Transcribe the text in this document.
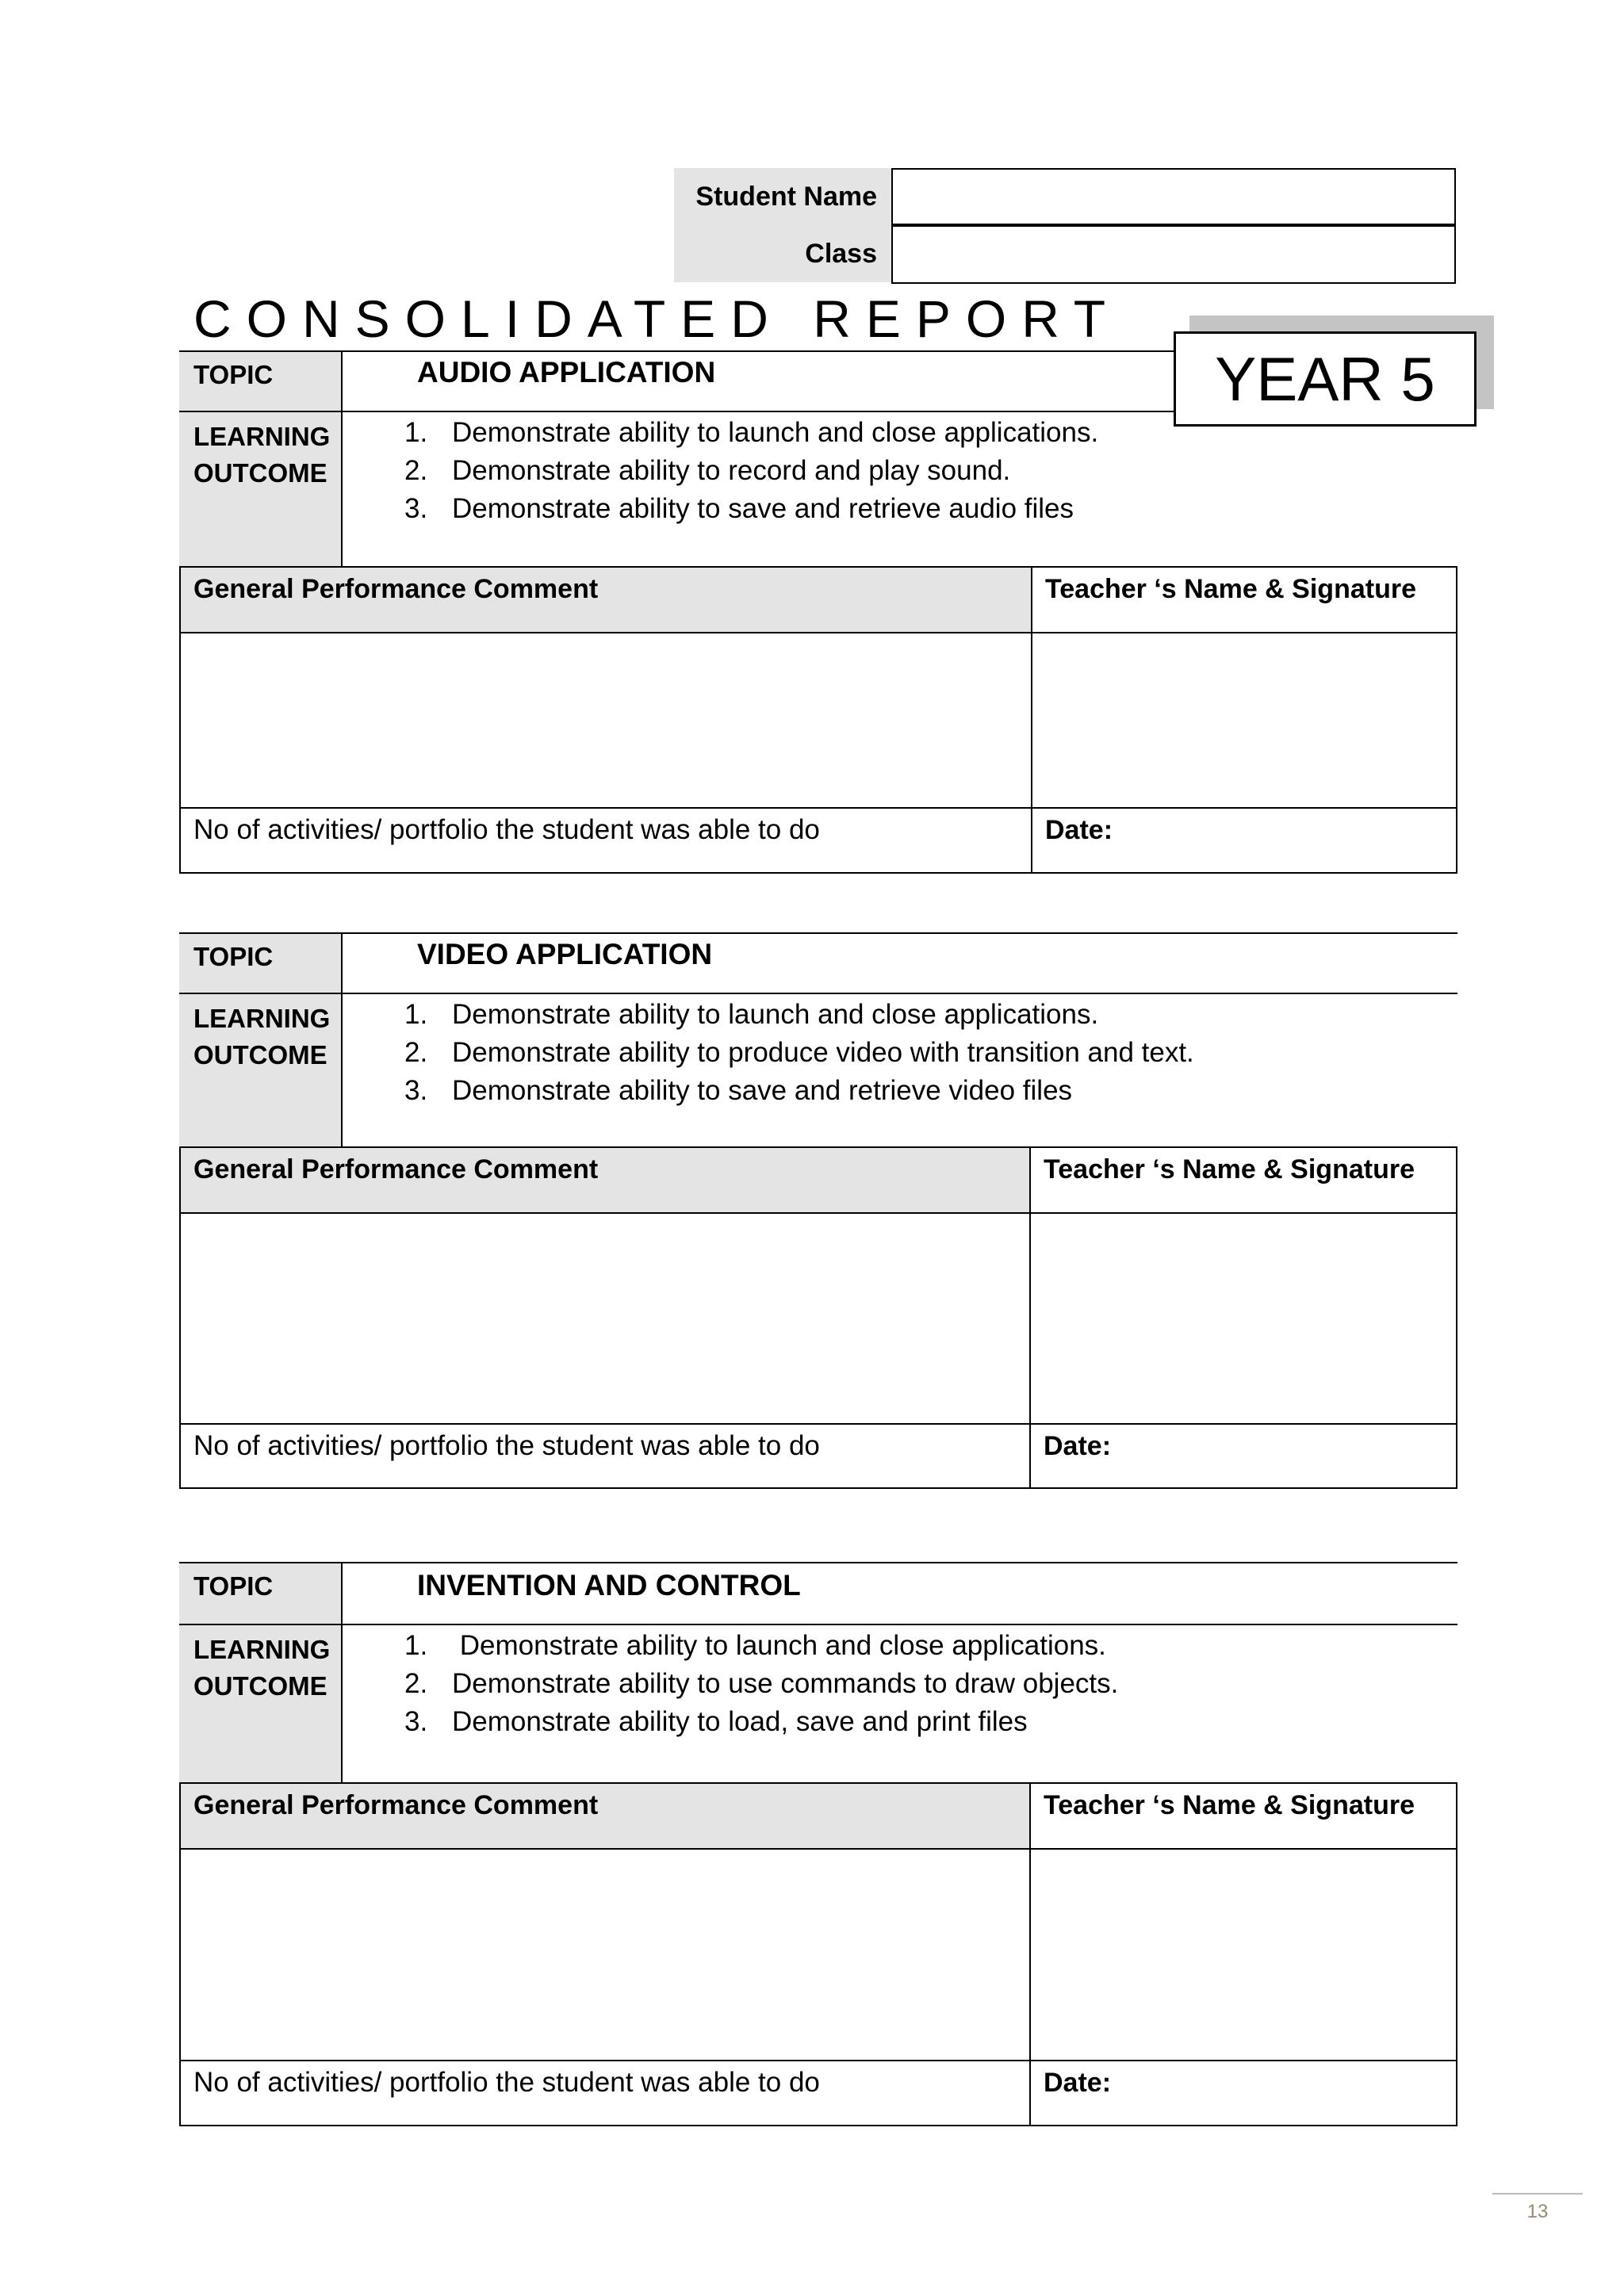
Student Name
Class
CONSOLIDATED REPORT
YEAR 5
TOPIC	AUDIO APPLICATION
LEARNING
OUTCOME
1. Demonstrate ability to launch and close applications.
2. Demonstrate ability to record and play sound.
3. Demonstrate ability to save and retrieve audio files
General Performance Comment	Teacher ‘s Name & Signature
No of activities/ portfolio the student was able to do	Date:
TOPIC	VIDEO APPLICATION
LEARNING
OUTCOME
1. Demonstrate ability to launch and close applications.
2. Demonstrate ability to produce video with transition and text.
3. Demonstrate ability to save and retrieve video files
General Performance Comment	Teacher ‘s Name & Signature
No of activities/ portfolio the student was able to do	Date:
TOPIC	INVENTION AND CONTROL
LEARNING
OUTCOME
1. Demonstrate ability to launch and close applications.
2. Demonstrate ability to use commands to draw objects.
3. Demonstrate ability to load, save and print files
General Performance Comment	Teacher ‘s Name & Signature
No of activities/ portfolio the student was able to do	Date:
13
